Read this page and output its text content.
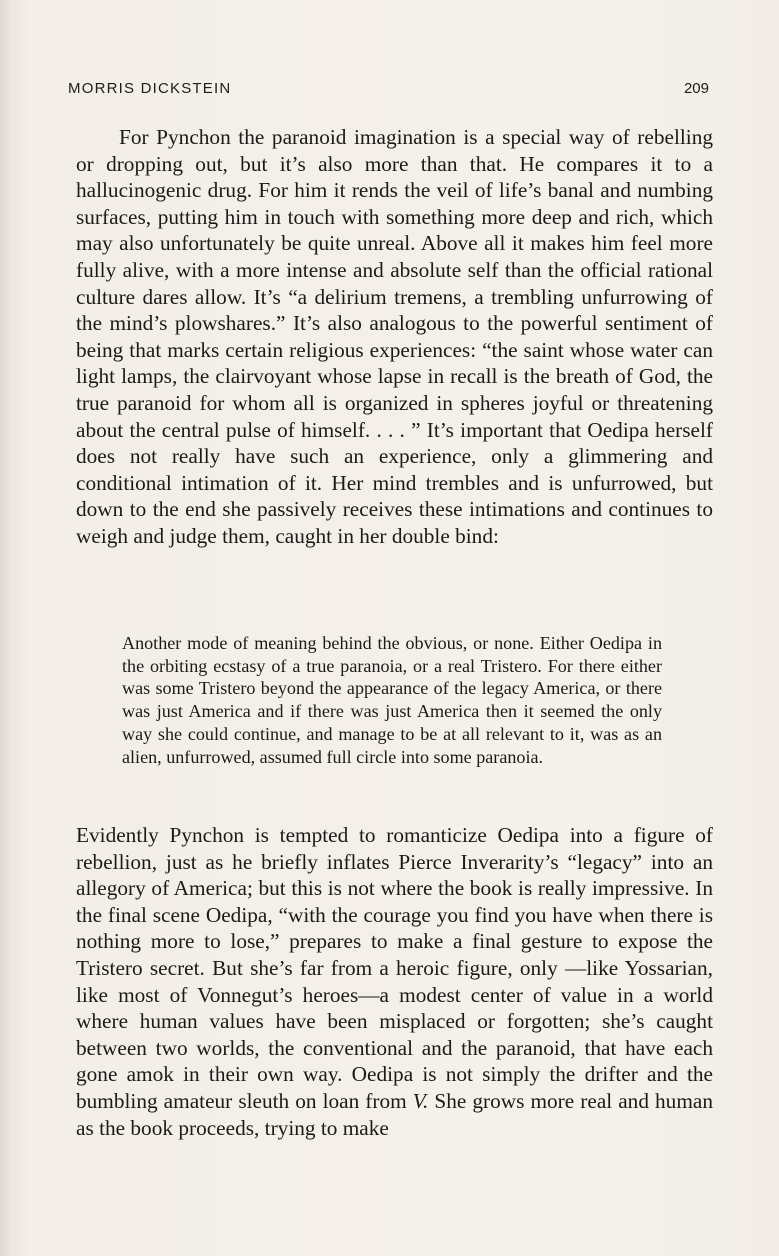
MORRIS DICKSTEIN	209

For Pynchon the paranoid imagination is a special way of rebelling or dropping out, but it’s also more than that. He compares it to a hallucinogenic drug. For him it rends the veil of life’s banal and numbing surfaces, putting him in touch with something more deep and rich, which may also unfortunately be quite unreal. Above all it makes him feel more fully alive, with a more intense and absolute self than the official rational culture dares allow. It’s “a delirium tremens, a trembling unfurrowing of the mind’s plowshares.” It’s also analogous to the powerful sentiment of being that marks certain religious experiences: “the saint whose water can light lamps, the clairvoyant whose lapse in recall is the breath of God, the true paranoid for whom all is organized in spheres joyful or threatening about the central pulse of himself. . . . ” It’s important that Oedipa herself does not really have such an experience, only a glimmering and conditional intimation of it. Her mind trembles and is unfurrowed, but down to the end she passively receives these intimations and continues to weigh and judge them, caught in her double bind:

Another mode of meaning behind the obvious, or none. Either Oedipa in the orbiting ecstasy of a true paranoia, or a real Tristero. For there either was some Tristero beyond the appearance of the legacy America, or there was just America and if there was just America then it seemed the only way she could continue, and manage to be at all relevant to it, was as an alien, unfurrowed, assumed full circle into some paranoia.

Evidently Pynchon is tempted to romanticize Oedipa into a figure of rebellion, just as he briefly inflates Pierce Inverarity’s “legacy” into an allegory of America; but this is not where the book is really impressive. In the final scene Oedipa, “with the courage you find you have when there is nothing more to lose,” prepares to make a final gesture to expose the Tristero secret. But she’s far from a heroic figure, only —like Yossarian, like most of Vonnegut’s heroes—a modest center of value in a world where human values have been misplaced or forgotten; she’s caught between two worlds, the conventional and the paranoid, that have each gone amok in their own way. Oedipa is not simply the drifter and the bumbling amateur sleuth on loan from V. She grows more real and human as the book proceeds, trying to make
